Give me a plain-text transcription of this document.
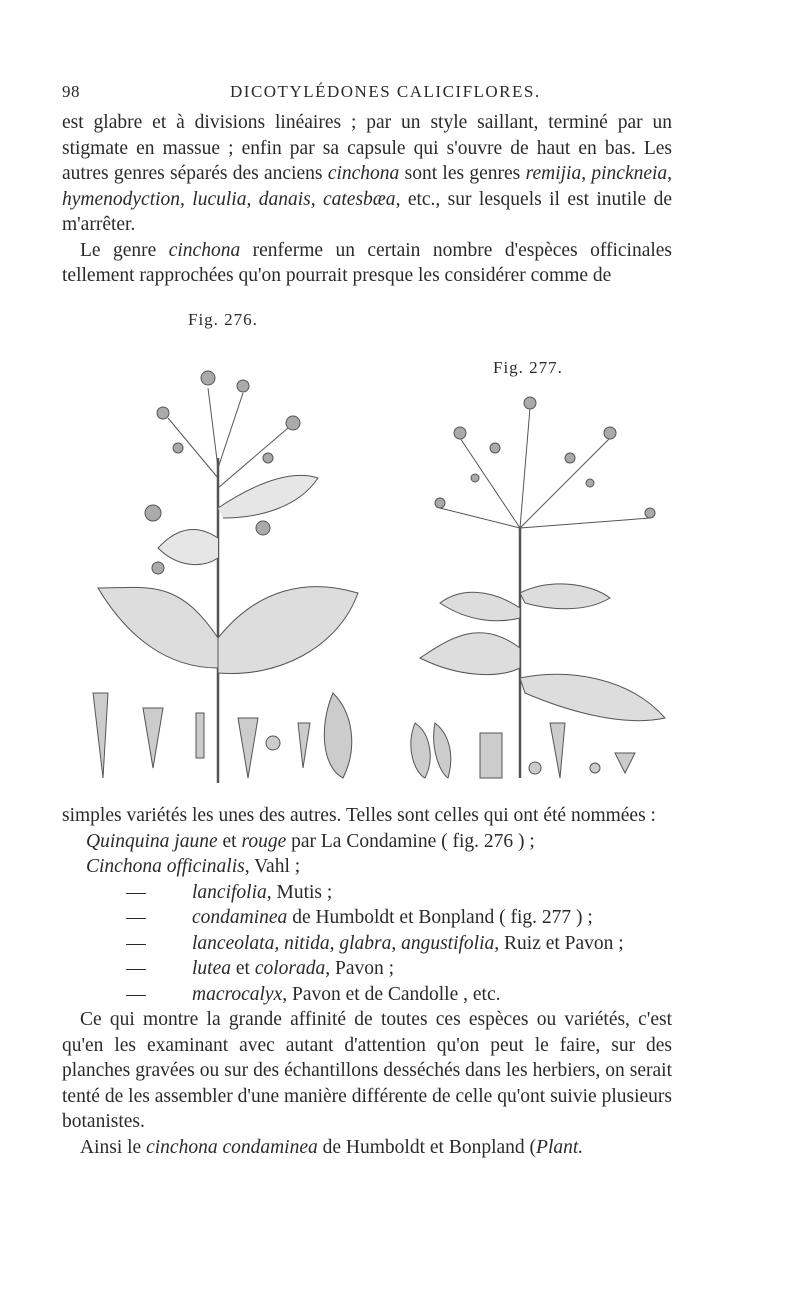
98	DICOTYLÉDONES CALICIFLORES.

est glabre et à divisions linéaires ; par un style saillant, terminé par un stigmate en massue ; enfin par sa capsule qui s'ouvre de haut en bas. Les autres genres séparés des anciens cinchona sont les genres remijia, pinckneia, hymenodyction, luculia, danais, catesbæa, etc., sur lesquels il est inutile de m'arrêter.

Le genre cinchona renferme un certain nombre d'espèces officinales tellement rapprochées qu'on pourrait presque les considérer comme de

Fig. 276.
Fig. 277.

simples variétés les unes des autres. Telles sont celles qui ont été nommées :

Quinquina jaune et rouge par La Condamine ( fig. 276 ) ;
Cinchona officinalis, Vahl ;
—	lancifolia, Mutis ;
—	condaminea de Humboldt et Bonpland ( fig. 277 ) ;
—	lanceolata, nitida, glabra, angustifolia, Ruiz et Pavon ;
—	lutea et colorada, Pavon ;
—	macrocalyx, Pavon et de Candolle , etc.

Ce qui montre la grande affinité de toutes ces espèces ou variétés, c'est qu'en les examinant avec autant d'attention qu'on peut le faire, sur des planches gravées ou sur des échantillons desséchés dans les herbiers, on serait tenté de les assembler d'une manière différente de celle qu'ont suivie plusieurs botanistes.

Ainsi le cinchona condaminea de Humboldt et Bonpland (Plant.
